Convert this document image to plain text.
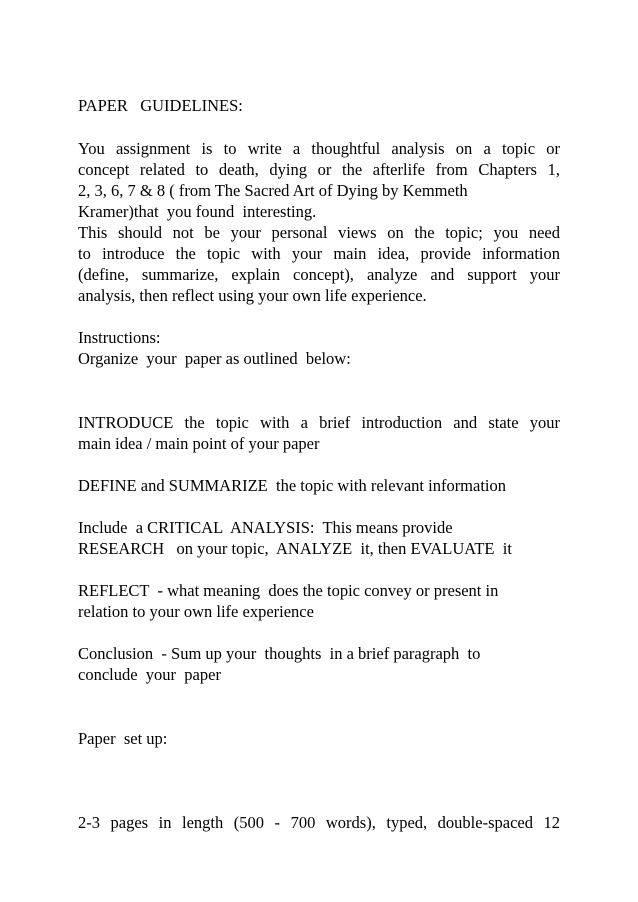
PAPER   GUIDELINES:
You assignment is to write a thoughtful analysis on a topic or
concept related to death, dying or the afterlife from Chapters 1,
2, 3, 6, 7 & 8 ( from The Sacred Art of Dying by Kemmeth
Kramer)that  you found  interesting.
This should not be your personal views on the topic; you need
to introduce the topic with your main idea, provide information
(define, summarize, explain concept), analyze and support your
analysis, then reflect using your own life experience.
Instructions:
Organize  your  paper as outlined  below:
INTRODUCE the topic with a brief introduction and state your
main idea / main point of your paper
DEFINE and SUMMARIZE  the topic with relevant information
Include  a CRITICAL  ANALYSIS:  This means provide
RESEARCH   on your topic,  ANALYZE  it, then EVALUATE  it
REFLECT  - what meaning  does the topic convey or present in
relation to your own life experience
Conclusion  - Sum up your  thoughts  in a brief paragraph  to
conclude  your  paper
Paper  set up:
2-3 pages in length (500 - 700 words), typed, double-spaced 12
